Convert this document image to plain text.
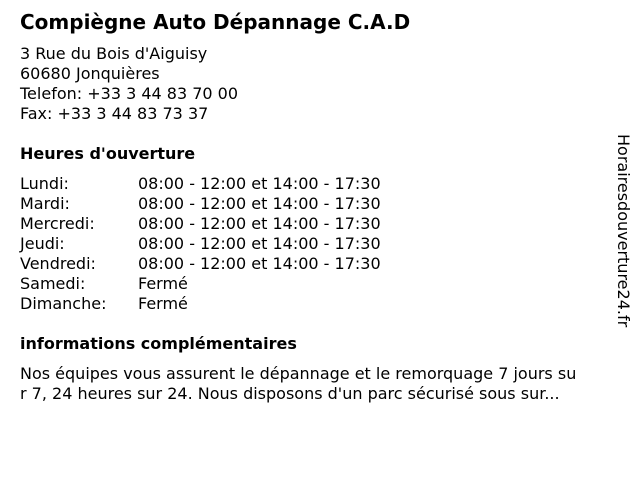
Compiègne Auto Dépannage C.A.D
3 Rue du Bois d'Aiguisy
60680 Jonquières
Telefon: +33 3 44 83 70 00
Fax: +33 3 44 83 73 37
Heures d'ouverture
Lundi:	08:00 - 12:00 et 14:00 - 17:30
Mardi:	08:00 - 12:00 et 14:00 - 17:30
Mercredi:	08:00 - 12:00 et 14:00 - 17:30
Jeudi:	08:00 - 12:00 et 14:00 - 17:30
Vendredi:	08:00 - 12:00 et 14:00 - 17:30
Samedi:	Fermé
Dimanche: Fermé
informations complémentaires
Nos équipes vous assurent le dépannage et le remorquage 7 jours su
r 7, 24 heures sur 24. Nous disposons d'un parc sécurisé sous sur...
Horairesdouverture24.fr
